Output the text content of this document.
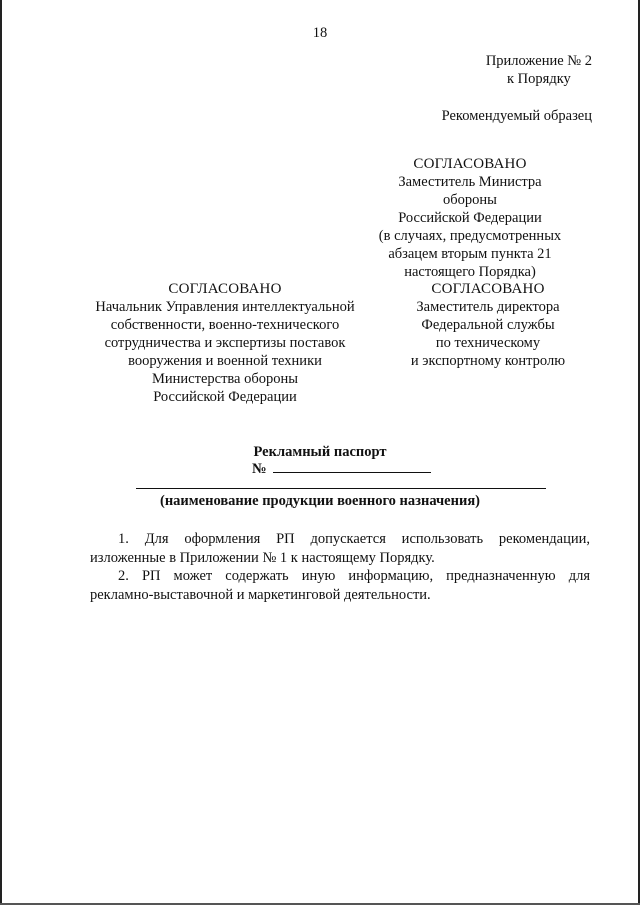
18
Приложение № 2
к Порядку
Рекомендуемый образец
СОГЛАСОВАНО
Заместитель Министра обороны
Российской Федерации
(в случаях, предусмотренных
абзацем вторым пункта 21
настоящего Порядка)
СОГЛАСОВАНО
Начальник Управления интеллектуальной
собственности, военно-технического
сотрудничества и экспертизы поставок
вооружения и военной техники
Министерства обороны
Российской Федерации
СОГЛАСОВАНО
Заместитель директора
Федеральной службы
по техническому
и экспортному контролю
Рекламный паспорт
№
(наименование продукции военного назначения)

1. Для оформления РП допускается использовать рекомендации, изложенные в Приложении № 1 к настоящему Порядку.

2. РП может содержать иную информацию, предназначенную для рекламно-выставочной и маркетинговой деятельности.
